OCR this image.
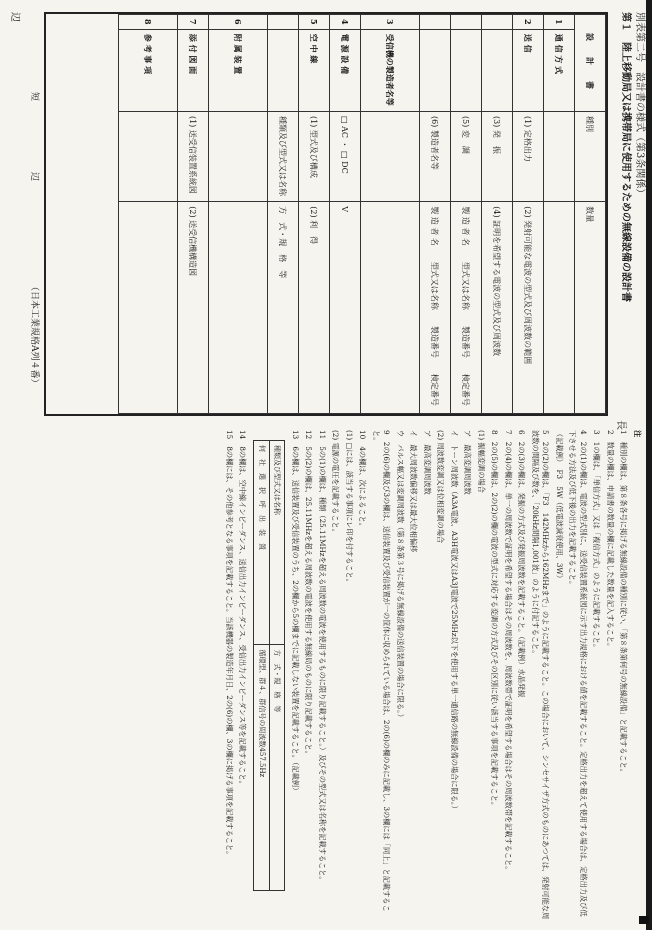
別表第二号　設計書の様式（第3条関係）
第１　陸上移動局又は携帯局に使用するための無線設備の設計書
長
辺
設　計　書		種別	数量
1	通 信 方 式		
2	送 信	(1) 定格出力	(2) 発射可能な電波の型式及び周波数の範囲
		(3) 発　振	(4) 証明を希望する電波の型式及び周波数
		(5) 変　調	製 造 者 名　　型式又は名称　　製造番号　　検定番号
		(6) 製造者名等	製 造 者 名　　型式又は名称　　製造番号　　検定番号
3	受信機の製造者名等		
4	電 源 設 備	□ AC ・ □ DC	V
5	空 中 線	(1) 型式及び構成	(2) 利　得
		種類及び型式又は名称	方　式・規　格　等
6	附 属 装 置		
7	添 付 図 面	(1) 送受信装置系統図	(2) 送受信機構造図
8	参 考 事 項		
短
辺
（日本工業規格A列４番）

注

1　種別の欄は、第８条各号に掲げる無線設備の種別に従い、「第８条第何号の無線設備」と記載すること。

2　数量の欄は、申請書の数量の欄に記載した数量を記入すること。

3　1の欄は、「単信方式」又は「複信方式」のように記載すること。

4　2の(1)の欄は、電波の型式別に、送受信装置系統図に示す出力規格における値を記載すること。定格出力を超えて使用する場合は、定格出力及び低下させる方法及び低下後の出力を記載すること。

（記載例）　F3　5W（低電波減衰使用、3W）

5　2の(2)の欄は、「F3　142MHzから162MHzまで」のように記載すること。この場合において、シンセサイザ方式のものにあつては、発射可能な周波数の間隔及び数を、「20kHz間隔1,001波」のように付記すること。

6　2の(3)の欄は、発振の方式及び発振周波数を記載すること。（記載例）水晶発振　

7　2の(4)の欄は、単一の周波数で証明を希望する場合はその周波数を、周波数帯で証明を希望する場合はその周波数帯を記載すること。

8　2の(5)の欄は、2の(2)の欄の電波の型式に対応する変調の方式及びその区別に従い該当する事項を記載すること。

(1) 振幅変調の場合

ア　最高変調周波数

イ　トーン周波数（A3A電波、A3H電波又はA3J電波で25MHz以下を使用する単一通信路の無線設備の場合に限る。）

(2) 周波数変調又は位相変調の場合

ア　最高変調周波数

イ　最大周波数偏移又は最大位相偏移

ウ　パルス幅又は変調周波数（第８条第３号に掲げる無線設備の送信装置の場合に限る。）

9　2の(6)の欄及び3の欄は、送信装置及び受信装置が一の筐体に収められている場合は、2の(6)の欄のみに記載し、3の欄には「同上」と記載すること。

10　4の欄は、次によること。

(1) □には、該当する事項にレ印を付すること。

(2) 電源の電圧を記載すること。

11　5の(1)の欄は、種類（25.11MHzを超える周波数の電波を使用するものに限り記載すること。）及びその型式又は名称を記載すること。

12　5の(2)の欄は、25.11MHzを超える周波数の電波を使用する無線局のものに限り記載すること。

13　6の欄は、送信装置及び受信装置のうち、2の欄から5の欄までに記載しない装置を記載すること。（記載例）

種類及び型式又は名称	方　式・規　格　等
何　社　選　択　呼　出　装　置	循環型、群４、群信号の周波数457.5Hz

14　8の欄は、空中線インピーダンス、送信出力インピーダンス、受信出力インピーダンス等を記載すること。

15　8の欄には、その他参考となる事項を記載すること。当該機器の製造年月日、2の(6)の欄、3の欄に掲げる事項を記載すること。
